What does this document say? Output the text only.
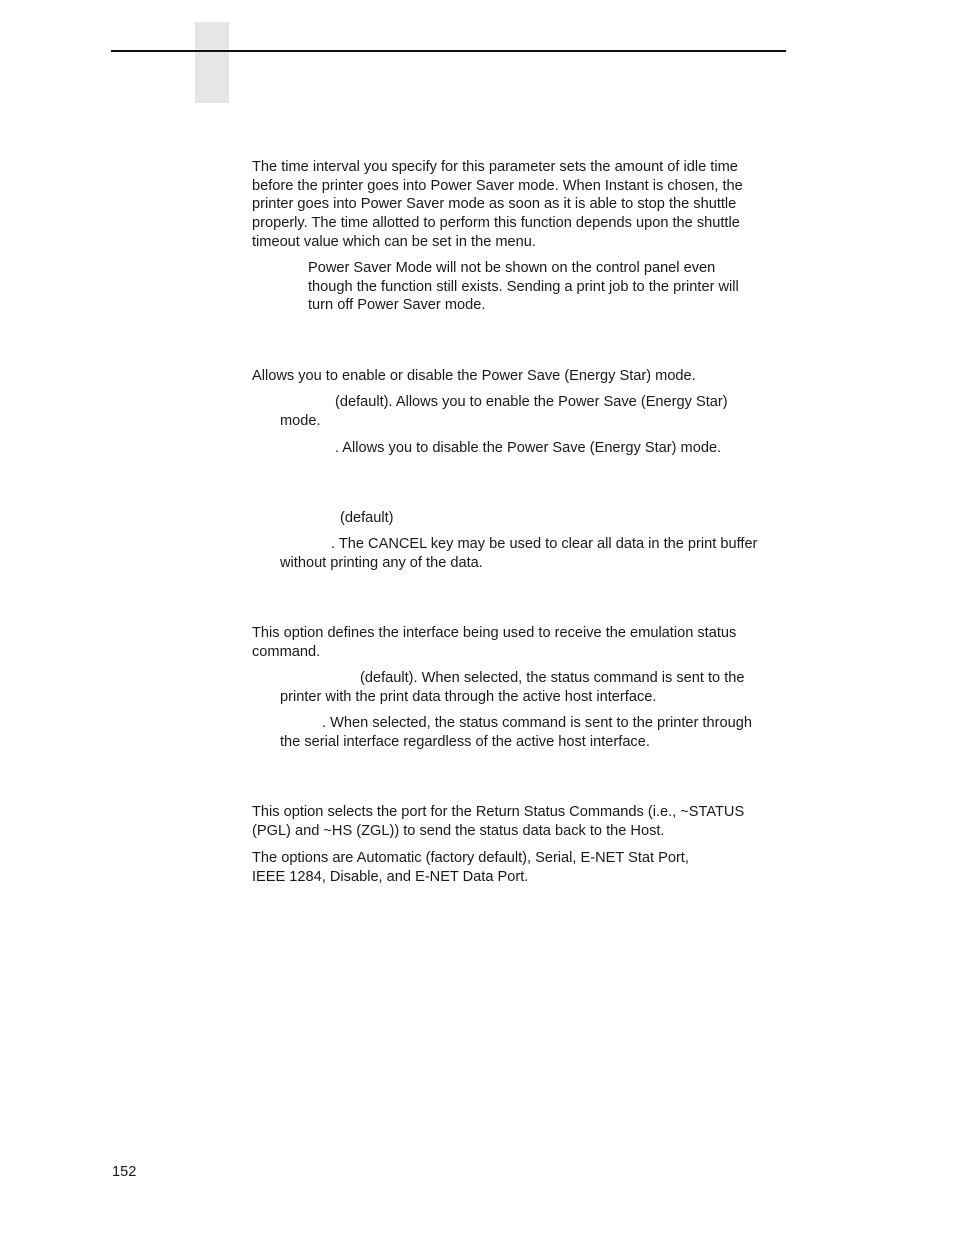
The time interval you specify for this parameter sets the amount of idle time
before the printer goes into Power Saver mode. When Instant is chosen, the
printer goes into Power Saver mode as soon as it is able to stop the shuttle
properly. The time allotted to perform this function depends upon the shuttle
timeout value which can be set in the menu.

Power Saver Mode will not be shown on the control panel even
though the function still exists. Sending a print job to the printer will
turn off Power Saver mode.

Allows you to enable or disable the Power Save (Energy Star) mode.

(default). Allows you to enable the Power Save (Energy Star)
mode.

. Allows you to disable the Power Save (Energy Star) mode.

(default)

. The CANCEL key may be used to clear all data in the print buffer
without printing any of the data.

This option defines the interface being used to receive the emulation status
command.

(default). When selected, the status command is sent to the
printer with the print data through the active host interface.

. When selected, the status command is sent to the printer through
the serial interface regardless of the active host interface.

This option selects the port for the Return Status Commands (i.e., ~STATUS
(PGL) and ~HS (ZGL)) to send the status data back to the Host.

The options are Automatic (factory default), Serial, E-NET Stat Port,
IEEE 1284, Disable, and E-NET Data Port.

152
